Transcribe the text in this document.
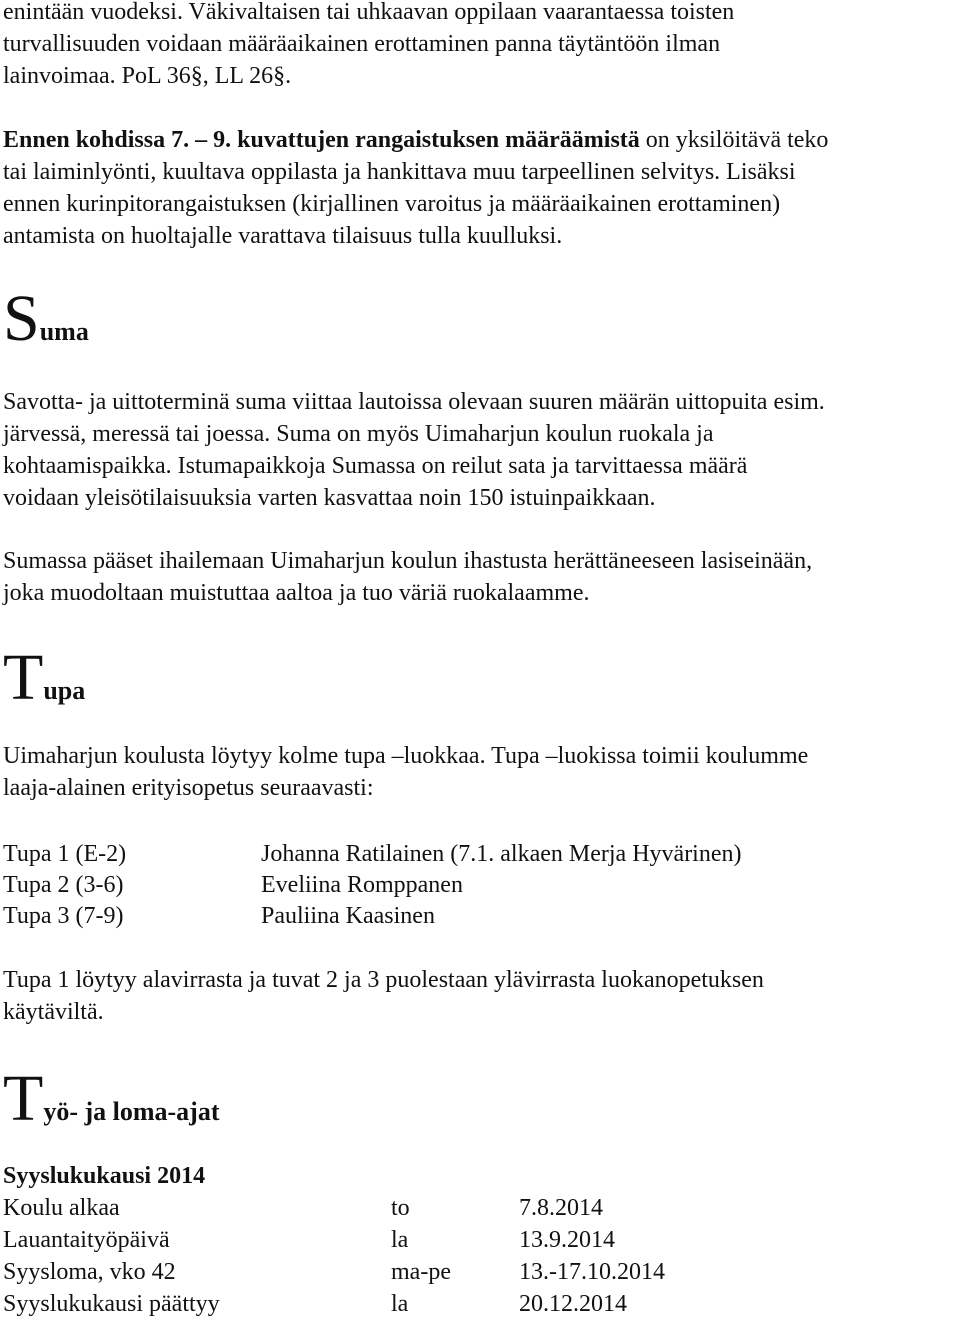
enintään vuodeksi. Väkivaltaisen tai uhkaavan oppilaan vaarantaessa toisten
turvallisuuden voidaan määräaikainen erottaminen panna täytäntöön ilman
lainvoimaa. PoL 36§, LL 26§.
Ennen kohdissa 7. – 9. kuvattujen rangaistuksen määräämistä on yksilöitävä teko
tai laiminlyönti, kuultava oppilasta ja hankittava muu tarpeellinen selvitys. Lisäksi
ennen kurinpitorangaistuksen (kirjallinen varoitus ja määräaikainen erottaminen)
antamista on huoltajalle varattava tilaisuus tulla kuulluksi.
Suma
Savotta- ja uittoterminä suma viittaa lautoissa olevaan suuren määrän uittopuita esim.
järvessä, meressä tai joessa. Suma on myös Uimaharjun koulun ruokala ja
kohtaamispaikka. Istumapaikkoja Sumassa on reilut sata ja tarvittaessa määrä
voidaan yleisötilaisuuksia varten kasvattaa noin 150 istuinpaikkaan.
Sumassa pääset ihailemaan Uimaharjun koulun ihastusta herättäneeseen lasiseinään,
joka muodoltaan muistuttaa aaltoa ja tuo väriä ruokalaamme.
Tupa
Uimaharjun koulusta löytyy kolme tupa –luokkaa. Tupa –luokissa toimii koulumme
laaja-alainen erityisopetus seuraavasti:
Tupa 1 (E-2)	Johanna Ratilainen (7.1. alkaen Merja Hyvärinen)
Tupa 2 (3-6)	Eveliina Romppanen
Tupa 3 (7-9)	Pauliina Kaasinen
Tupa 1 löytyy alavirrasta ja tuvat 2 ja 3 puolestaan ylävirrasta luokanopetuksen
käytäviltä.
Työ- ja loma-ajat
Syyslukukausi 2014
Koulu alkaa	to	7.8.2014
Lauantaityöpäivä	la	13.9.2014
Syysloma, vko 42	ma-pe	13.-17.10.2014
Syyslukukausi päättyy	la	20.12.2014
